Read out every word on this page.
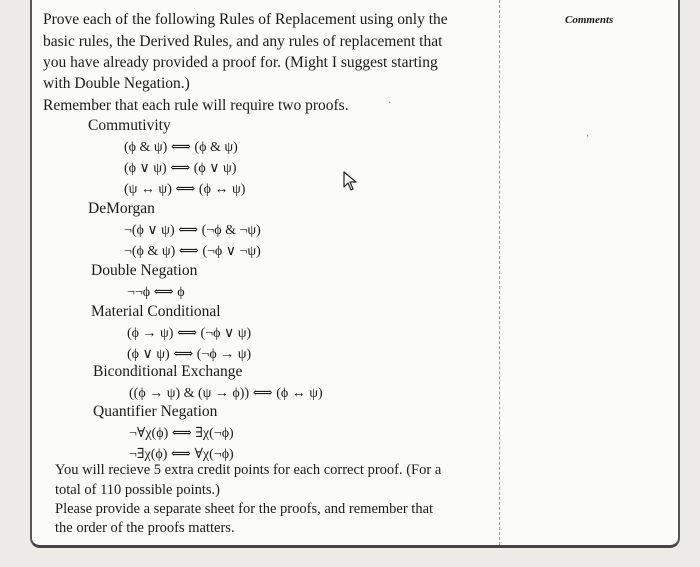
Comments
‚
·
Prove each of the following Rules of Replacement using only the
basic rules, the Derived Rules, and any rules of replacement that
you have already provided a proof for. (Might I suggest starting
with Double Negation.)
Remember that each rule will require two proofs.
Commutivity
(ϕ & ψ) ⟺ (ϕ & ψ)
(ϕ ∨ ψ) ⟺ (ϕ ∨ ψ)
(ψ ↔ ψ) ⟺ (ϕ ↔ ψ)
DeMorgan
¬(ϕ ∨ ψ) ⟺ (¬ϕ & ¬ψ)
¬(ϕ & ψ) ⟺ (¬ϕ ∨ ¬ψ)
Double Negation
¬¬ϕ ⟺ ϕ
Material Conditional
(ϕ → ψ) ⟺ (¬ϕ ∨ ψ)
(ϕ ∨ ψ) ⟺ (¬ϕ → ψ)
Biconditional Exchange
((ϕ → ψ) & (ψ → ϕ)) ⟺ (ϕ ↔ ψ)
Quantifier Negation
¬∀χ(ϕ) ⟺ ∃χ(¬ϕ)
¬∃χ(ϕ) ⟺ ∀χ(¬ϕ)
You will recieve 5 extra credit points for each correct proof. (For a
total of 110 possible points.)
Please provide a separate sheet for the proofs, and remember that
the order of the proofs matters.
